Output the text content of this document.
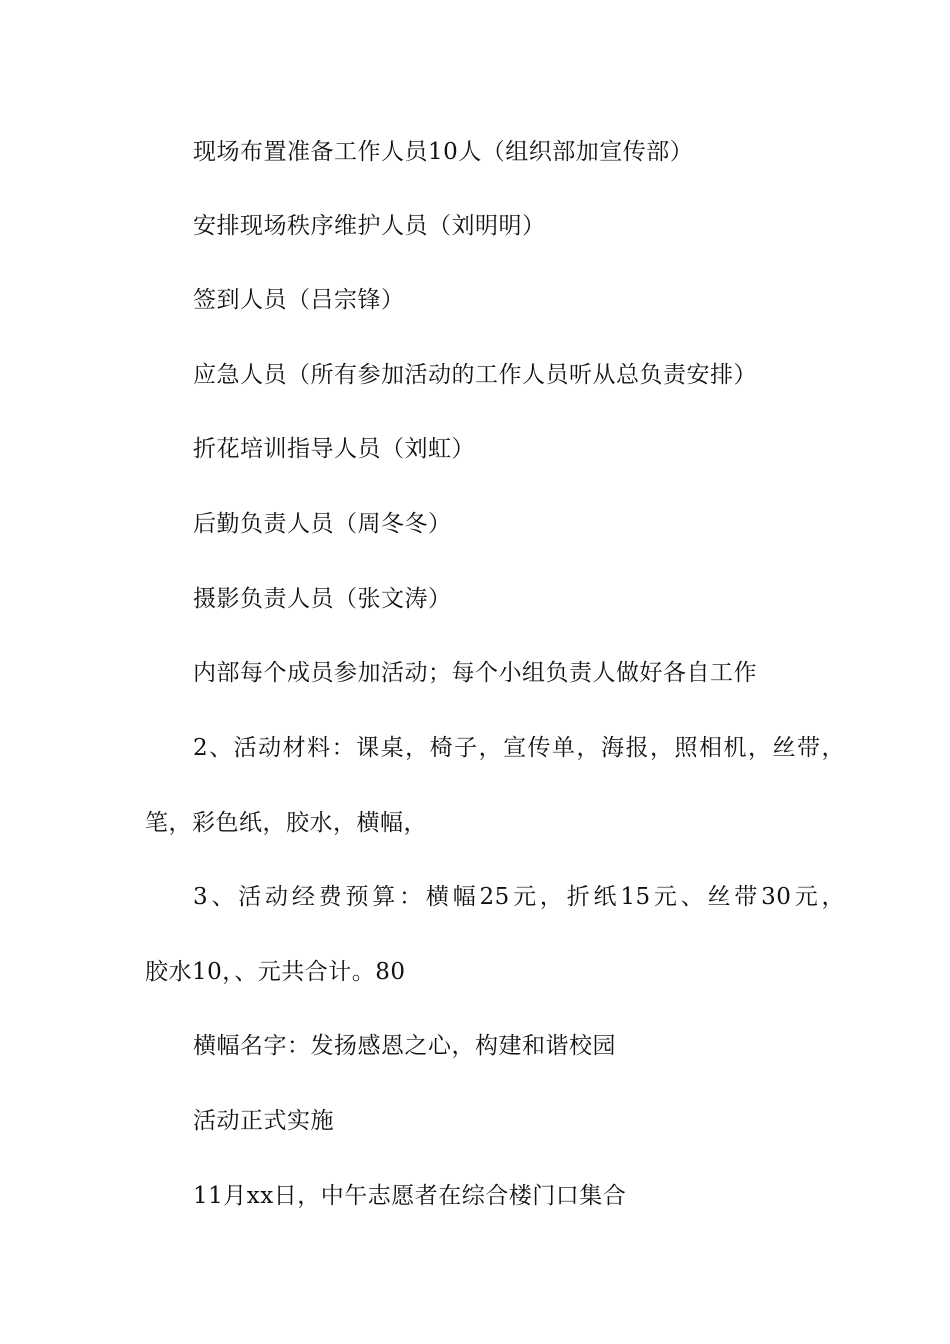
现场布置准备工作人员10人（组织部加宣传部）
安排现场秩序维护人员（刘明明）
签到人员（吕宗锋）
应急人员（所有参加活动的工作人员听从总负责安排）
折花培训指导人员（刘虹）
后勤负责人员（周冬冬）
摄影负责人员（张文涛）
内部每个成员参加活动；每个小组负责人做好各自工作
2、活动材料：课桌，椅子，宣传单，海报，照相机，丝带，
笔，彩色纸，胶水，横幅，
3、活动经费预算：横幅25元，折纸15元、丝带30元，
胶水10，、元共合计。80
横幅名字：发扬感恩之心，构建和谐校园
活动正式实施
11月xx日，中午志愿者在综合楼门口集合
